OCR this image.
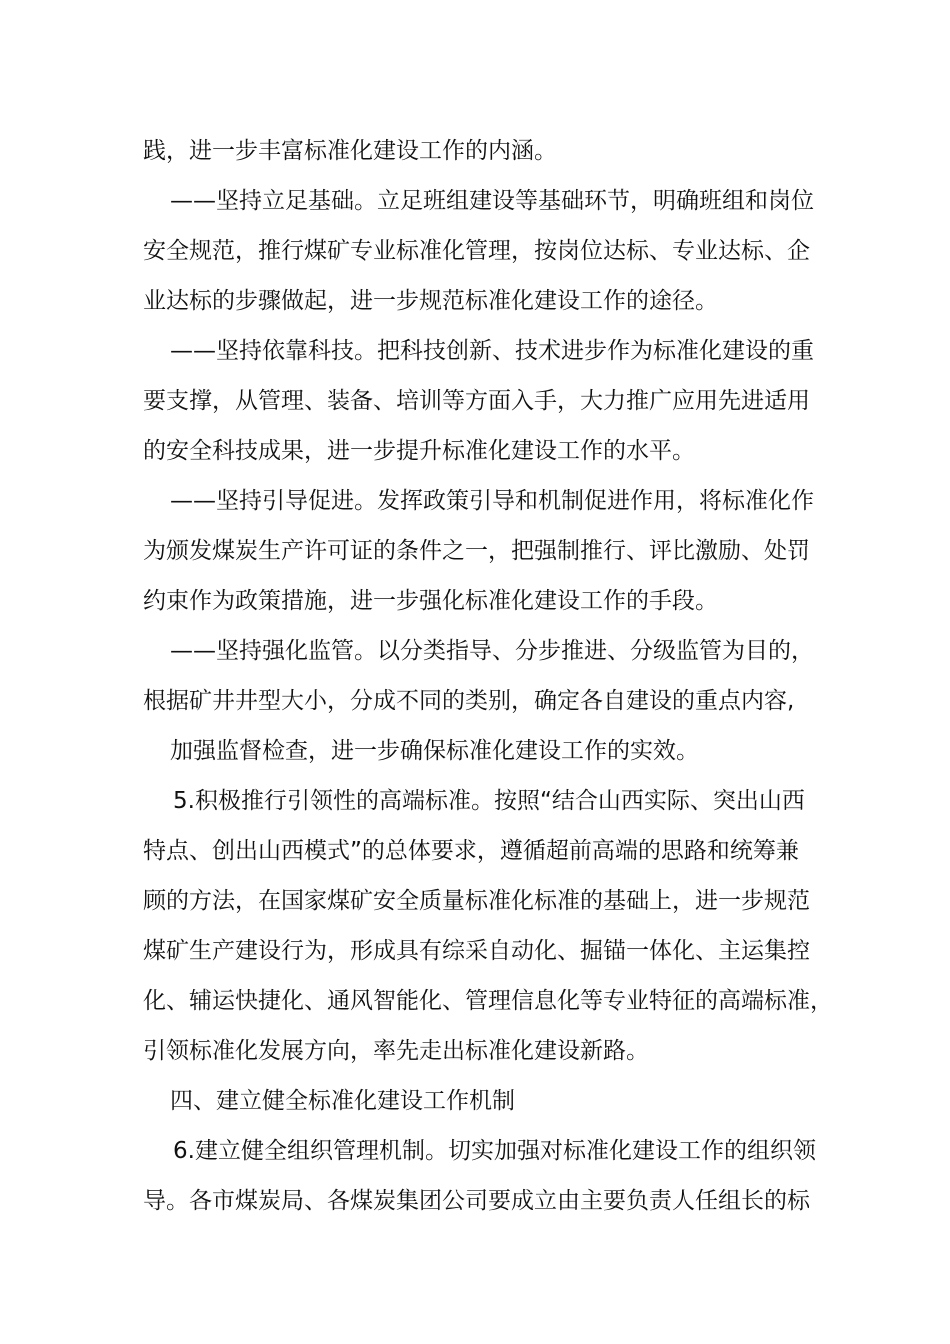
践，进一步丰富标准化建设工作的内涵。
——坚持立足基础。立足班组建设等基础环节，明确班组和岗位
安全规范，推行煤矿专业标准化管理，按岗位达标、专业达标、企
业达标的步骤做起，进一步规范标准化建设工作的途径。
——坚持依靠科技。把科技创新、技术进步作为标准化建设的重
要支撑，从管理、装备、培训等方面入手，大力推广应用先进适用
的安全科技成果，进一步提升标准化建设工作的水平。
——坚持引导促进。发挥政策引导和机制促进作用，将标准化作
为颁发煤炭生产许可证的条件之一，把强制推行、评比激励、处罚
约束作为政策措施，进一步强化标准化建设工作的手段。
——坚持强化监管。以分类指导、分步推进、分级监管为目的，
根据矿井井型大小，分成不同的类别，确定各自建设的重点内容,
加强监督检查，进一步确保标准化建设工作的实效。
5.积极推行引领性的高端标准。按照“结合山西实际、突出山西
特点、创出山西模式”的总体要求，遵循超前高端的思路和统筹兼
顾的方法，在国家煤矿安全质量标准化标准的基础上，进一步规范
煤矿生产建设行为，形成具有综采自动化、掘锚一体化、主运集控
化、辅运快捷化、通风智能化、管理信息化等专业特征的高端标准，
引领标准化发展方向，率先走出标准化建设新路。
四、建立健全标准化建设工作机制
6.建立健全组织管理机制。切实加强对标准化建设工作的组织领
导。各市煤炭局、各煤炭集团公司要成立由主要负责人任组长的标
